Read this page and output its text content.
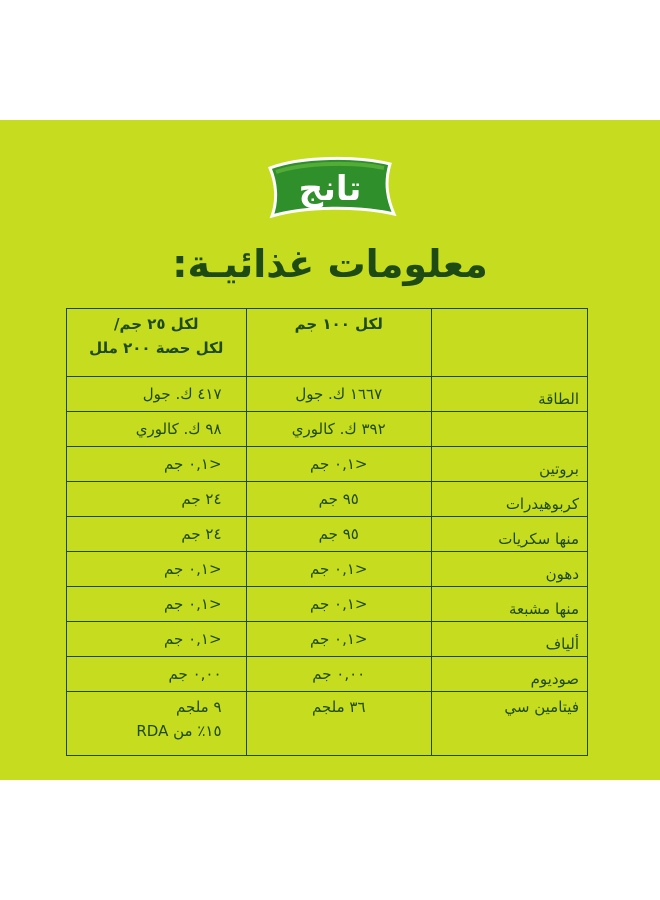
تانج
معلومات غذائيـة:
	لكل ١٠٠ جم	لكل ٢٥ جم/
لكل حصة ٢٠٠ ملل

الطاقة	١٦٦٧ ك. جول	٤١٧ ك. جول
	٣٩٢ ك. كالوري	٩٨ ك. كالوري
بروتين	<٠,١ جم	<٠,١ جم
كربوهيدرات	٩٥ جم	٢٤ جم
منها سكريات	٩٥ جم	٢٤ جم
دهون	<٠,١ جم	<٠,١ جم
منها مشبعة	<٠,١ جم	<٠,١ جم
ألياف	<٠,١ جم	<٠,١ جم
صوديوم	٠,٠٠ جم	٠,٠٠ جم
فيتامين سي	٣٦ ملجم	٩ ملجم
١٥٪ من RDA
